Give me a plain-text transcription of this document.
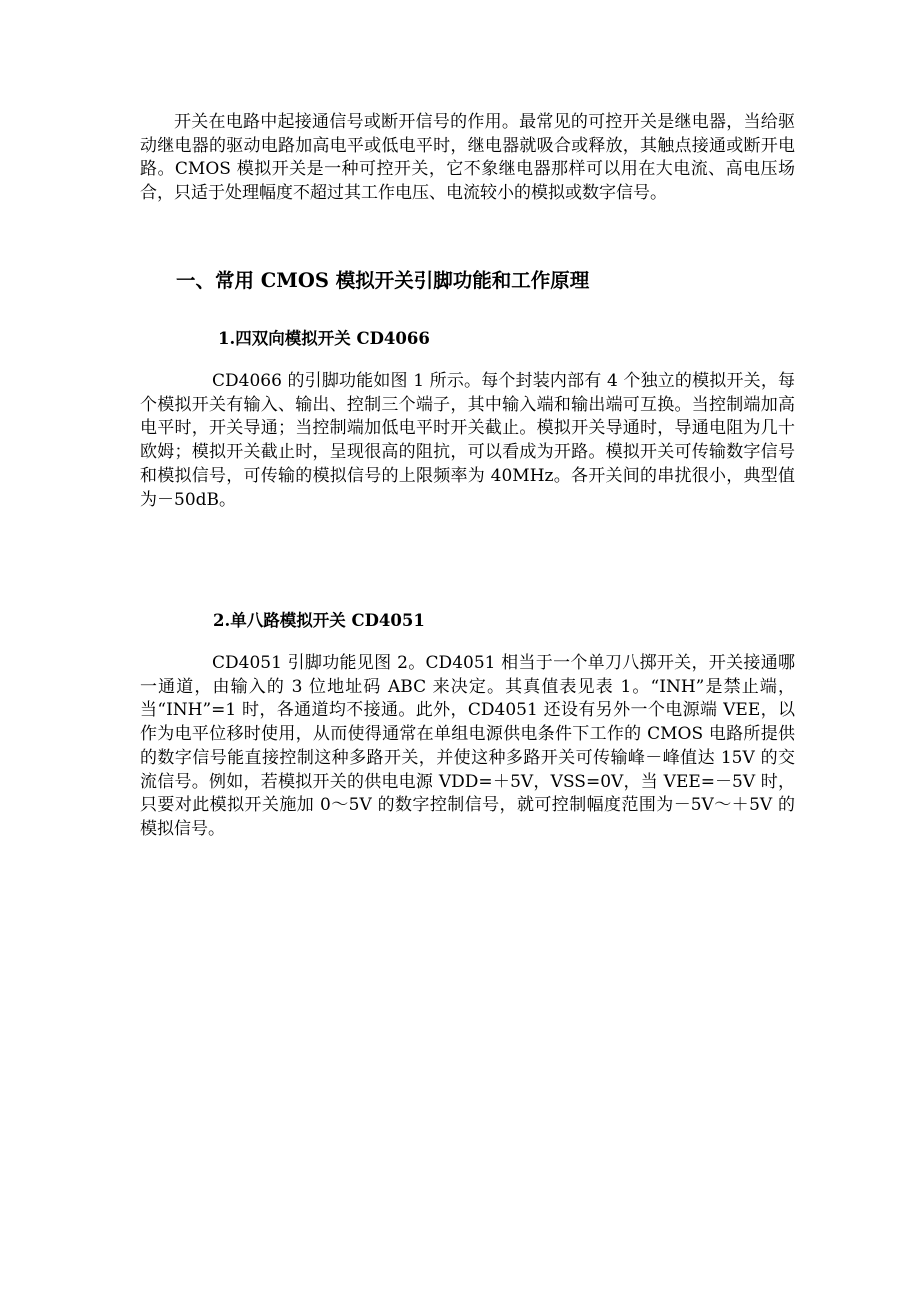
开关在电路中起接通信号或断开信号的作用。最常见的可控开关是继电器，当给驱动继电器的驱动电路加高电平或低电平时，继电器就吸合或释放，其触点接通或断开电路。CMOS 模拟开关是一种可控开关，它不象继电器那样可以用在大电流、高电压场合，只适于处理幅度不超过其工作电压、电流较小的模拟或数字信号。

一、常用 CMOS 模拟开关引脚功能和工作原理
1.四双向模拟开关 CD4066

CD4066 的引脚功能如图 1 所示。每个封装内部有 4 个独立的模拟开关，每个模拟开关有输入、输出、控制三个端子，其中输入端和输出端可互换。当控制端加高电平时，开关导通；当控制端加低电平时开关截止。模拟开关导通时，导通电阻为几十欧姆；模拟开关截止时，呈现很高的阻抗，可以看成为开路。模拟开关可传输数字信号和模拟信号，可传输的模拟信号的上限频率为 40MHz。各开关间的串扰很小，典型值为－50dB。

2.单八路模拟开关 CD4051

CD4051 引脚功能见图 2。CD4051 相当于一个单刀八掷开关，开关接通哪一通道，由输入的 3 位地址码 ABC 来决定。其真值表见表 1。“INH”是禁止端，当“INH”=1 时，各通道均不接通。此外，CD4051 还设有另外一个电源端 VEE，以作为电平位移时使用，从而使得通常在单组电源供电条件下工作的 CMOS 电路所提供的数字信号能直接控制这种多路开关，并使这种多路开关可传输峰－峰值达 15V 的交流信号。例如，若模拟开关的供电电源 VDD=＋5V，VSS=0V，当 VEE=－5V 时，只要对此模拟开关施加 0～5V 的数字控制信号，就可控制幅度范围为－5V～＋5V 的模拟信号。
